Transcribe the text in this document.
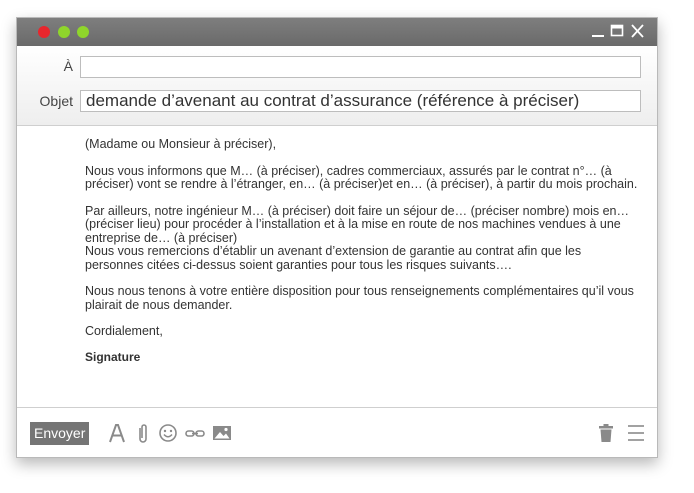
À
Objet
demande d’avenant au contrat d’assurance (référence à préciser)

(Madame ou Monsieur à préciser),

Nous vous informons que M… (à préciser), cadres commerciaux, assurés par le contrat n°… (à préciser) vont se rendre à l’étranger, en… (à préciser)et en… (à préciser), à partir du mois prochain.

Par ailleurs, notre ingénieur M… (à préciser) doit faire un séjour de… (préciser nombre) mois en… (préciser lieu) pour procéder à l’installation et à la mise en route de nos machines vendues à une entreprise de… (à préciser)
Nous vous remercions d’établir un avenant d’extension de garantie au contrat afin que les personnes citées ci-dessus soient garanties pour tous les risques suivants….

Nous nous tenons à votre entière disposition pour tous renseignements complémentaires qu’il vous plairait de nous demander.

Cordialement,

Signature

Envoyer
